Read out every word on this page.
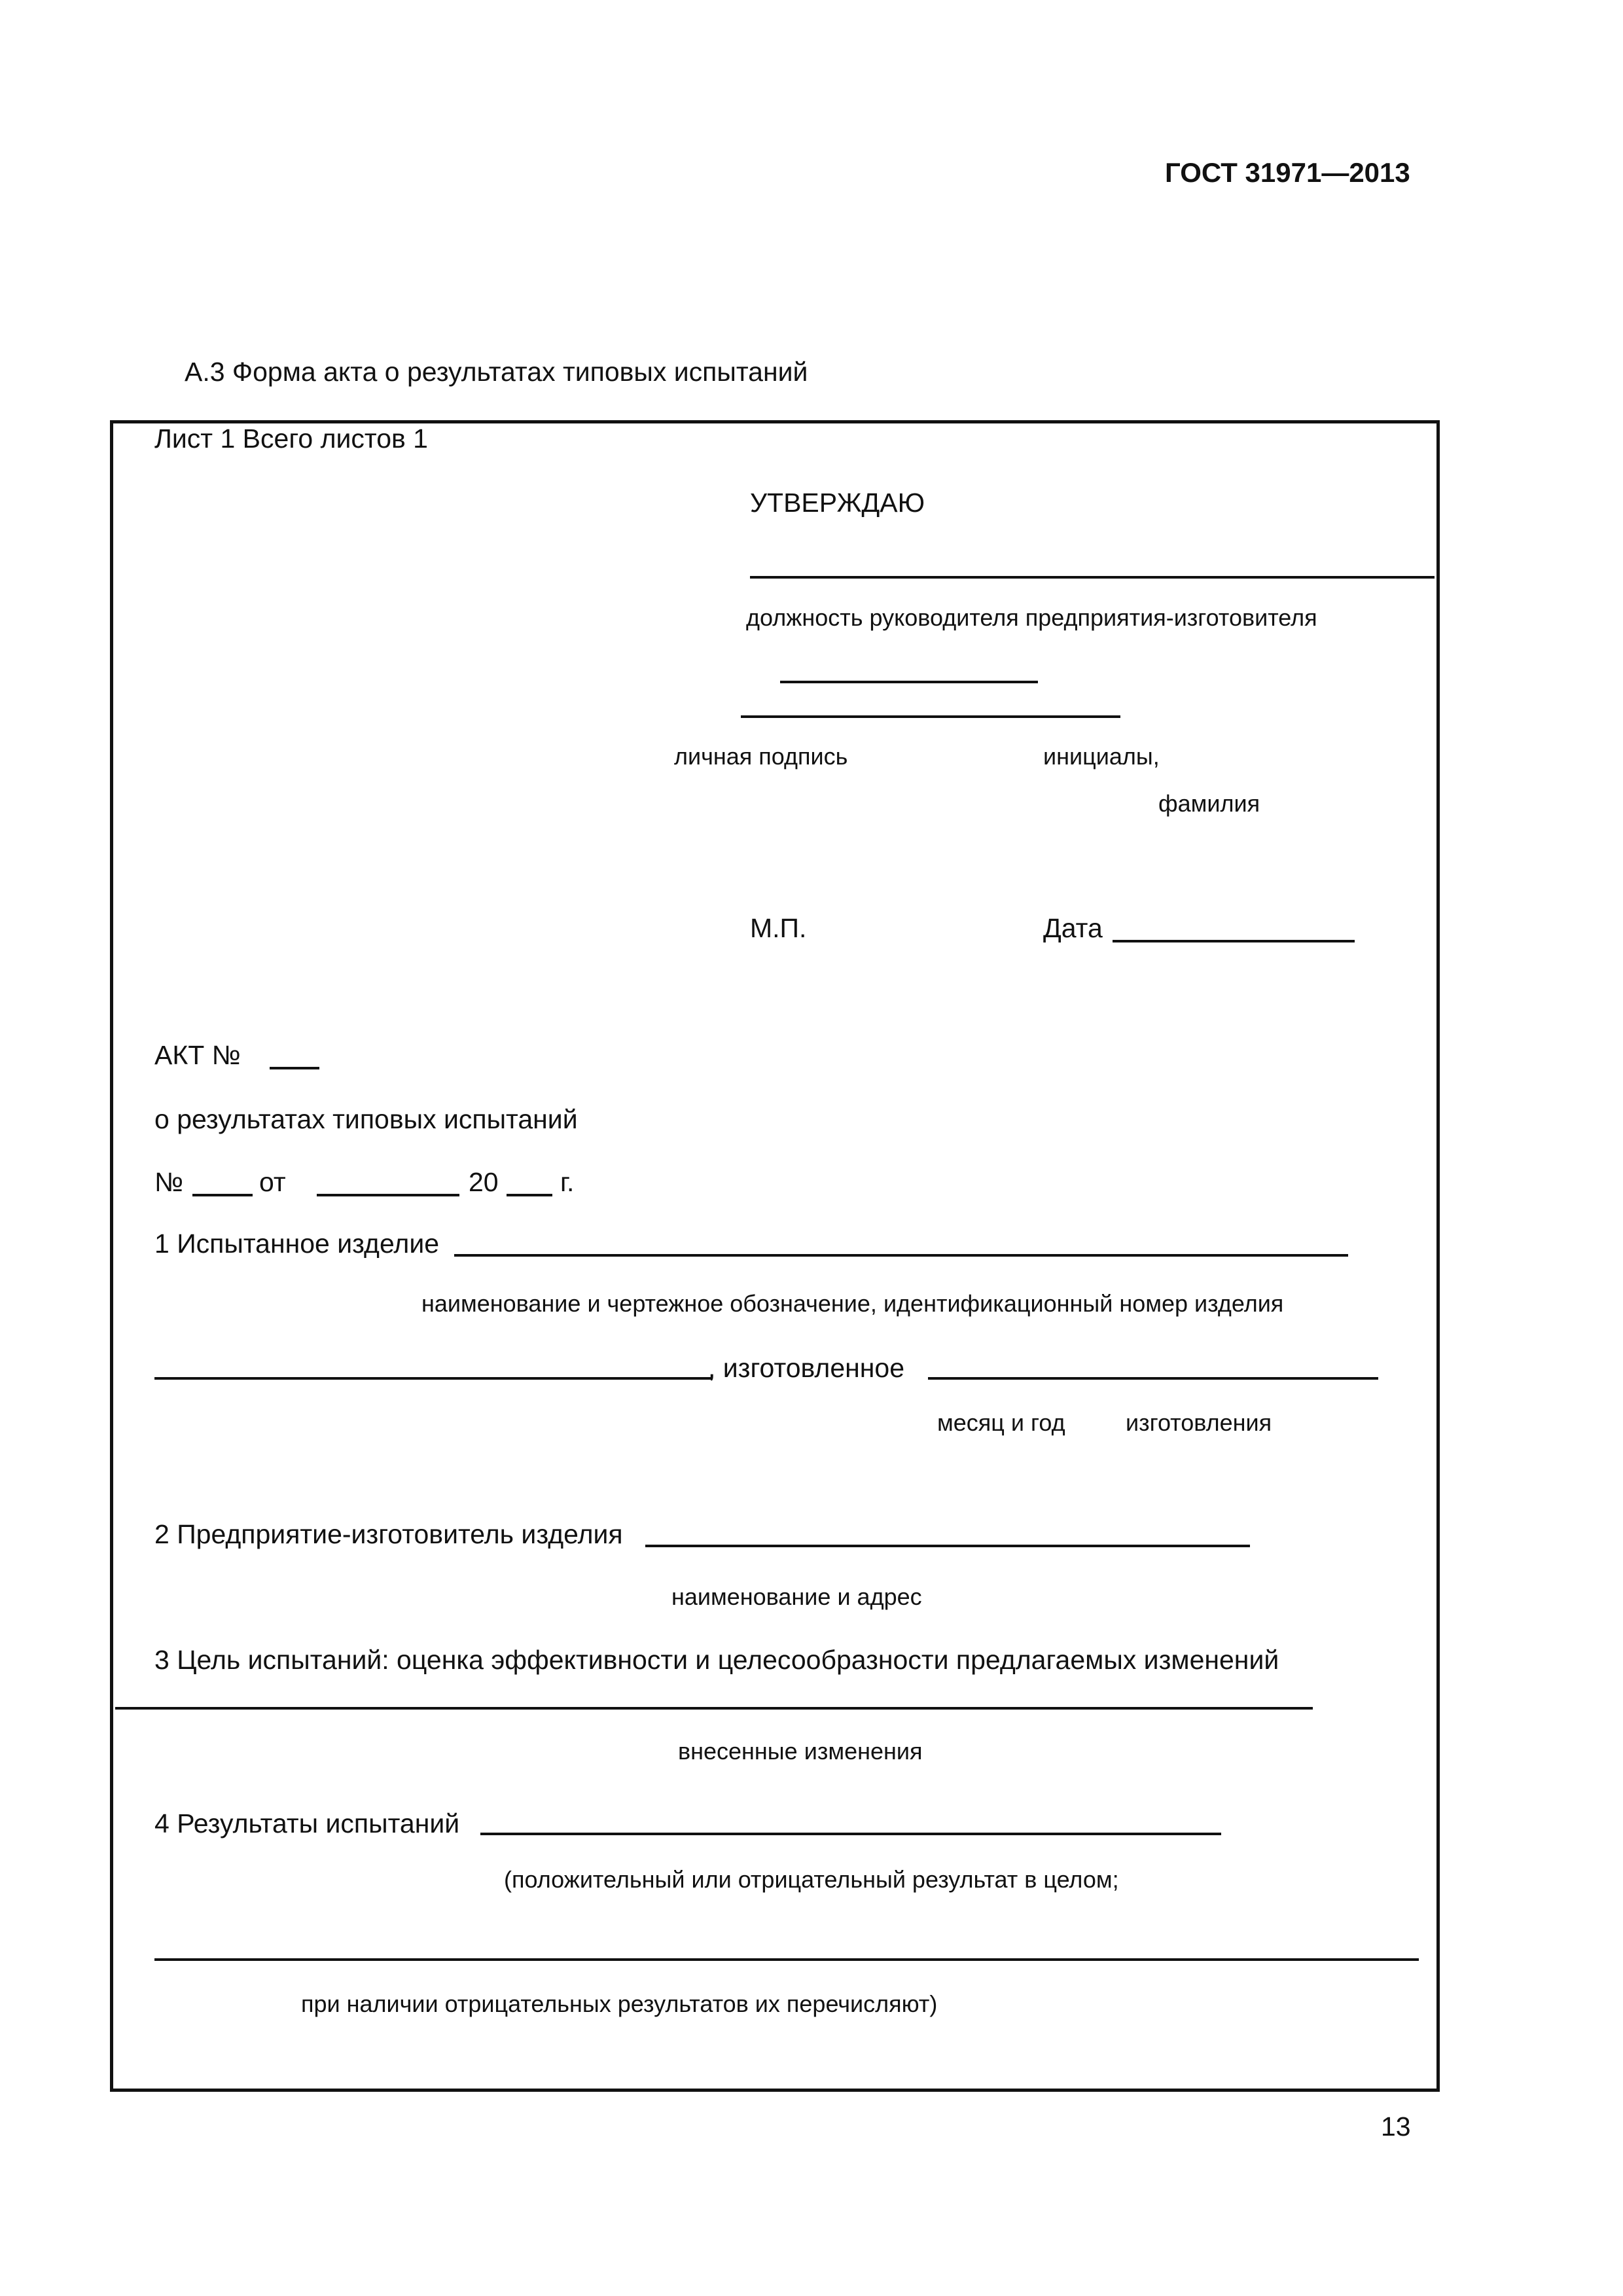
ГОСТ 31971—2013
А.3 Форма акта о результатах типовых испытаний
Лист 1 Всего листов 1
УТВЕРЖДАЮ
должность руководителя предприятия-изготовителя
личная подпись	инициалы,
фамилия
М.П.	Дата
АКТ №
о результатах типовых испытаний
№	от	20 г.
1 Испытанное изделие
наименование и чертежное обозначение, идентификационный номер изделия
, изготовленное
месяц и год	изготовления
2 Предприятие-изготовитель изделия
наименование и адрес
3 Цель испытаний: оценка эффективности и целесообразности предлагаемых изменений
внесенные изменения
4 Результаты испытаний
(положительный или отрицательный результат в целом;
при наличии отрицательных результатов их перечисляют)
13
